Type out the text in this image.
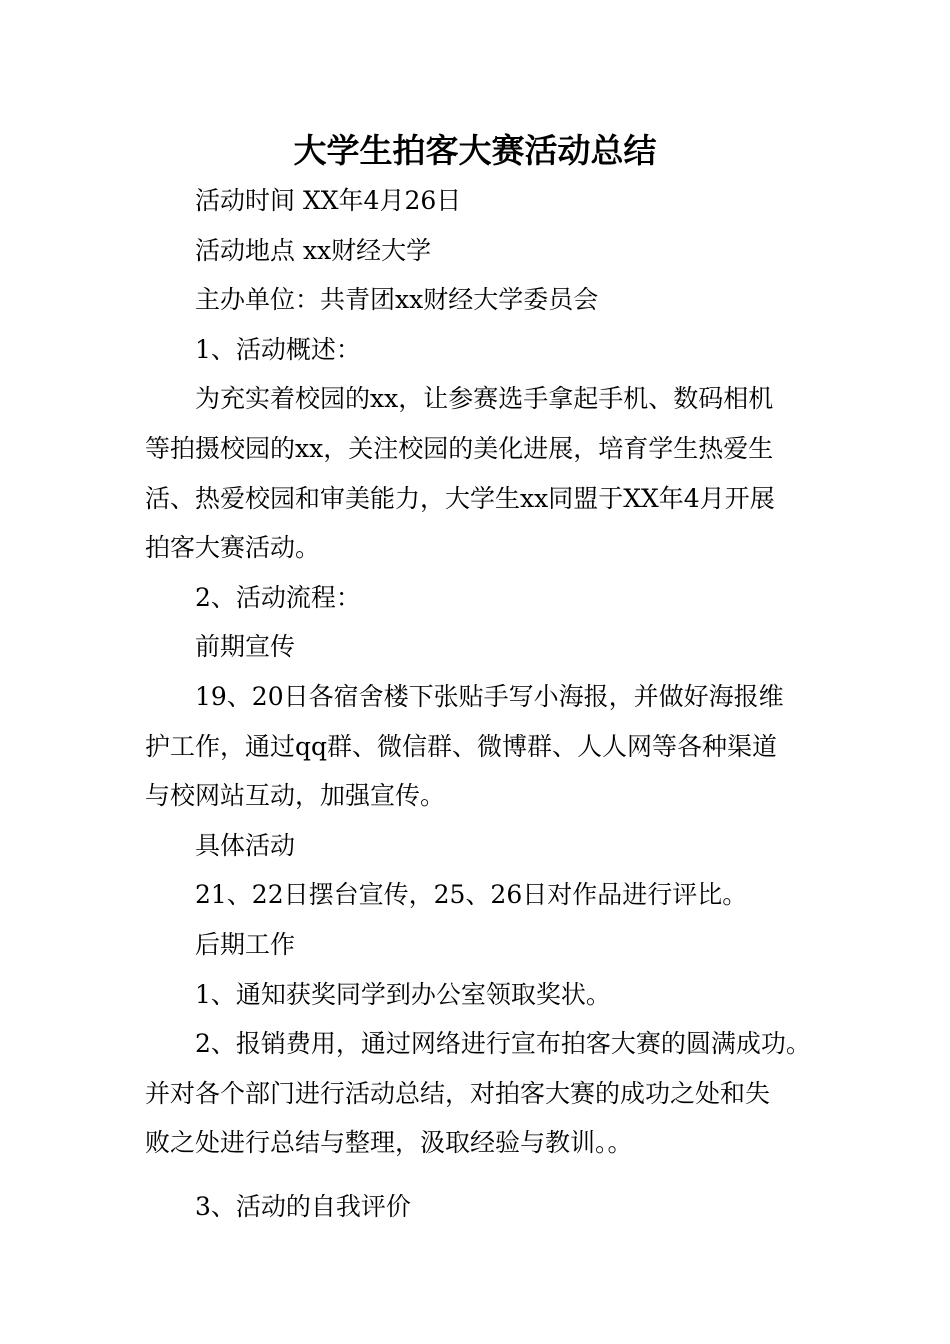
大学生拍客大赛活动总结

活动时间 XX年4月26日

活动地点 xx财经大学

主办单位：共青团xx财经大学委员会

1、活动概述：

为充实着校园的xx，让参赛选手拿起手机、数码相机
等拍摄校园的xx，关注校园的美化进展，培育学生热爱生
活、热爱校园和审美能力，大学生xx同盟于XX年4月开展
拍客大赛活动。

2、活动流程：

前期宣传

19、20日各宿舍楼下张贴手写小海报，并做好海报维
护工作，通过qq群、微信群、微博群、人人网等各种渠道
与校网站互动，加强宣传。

具体活动

21、22日摆台宣传，25、26日对作品进行评比。

后期工作

1、通知获奖同学到办公室领取奖状。

2、报销费用，通过网络进行宣布拍客大赛的圆满成功。
并对各个部门进行活动总结，对拍客大赛的成功之处和失
败之处进行总结与整理，汲取经验与教训。。

3、活动的自我评价
